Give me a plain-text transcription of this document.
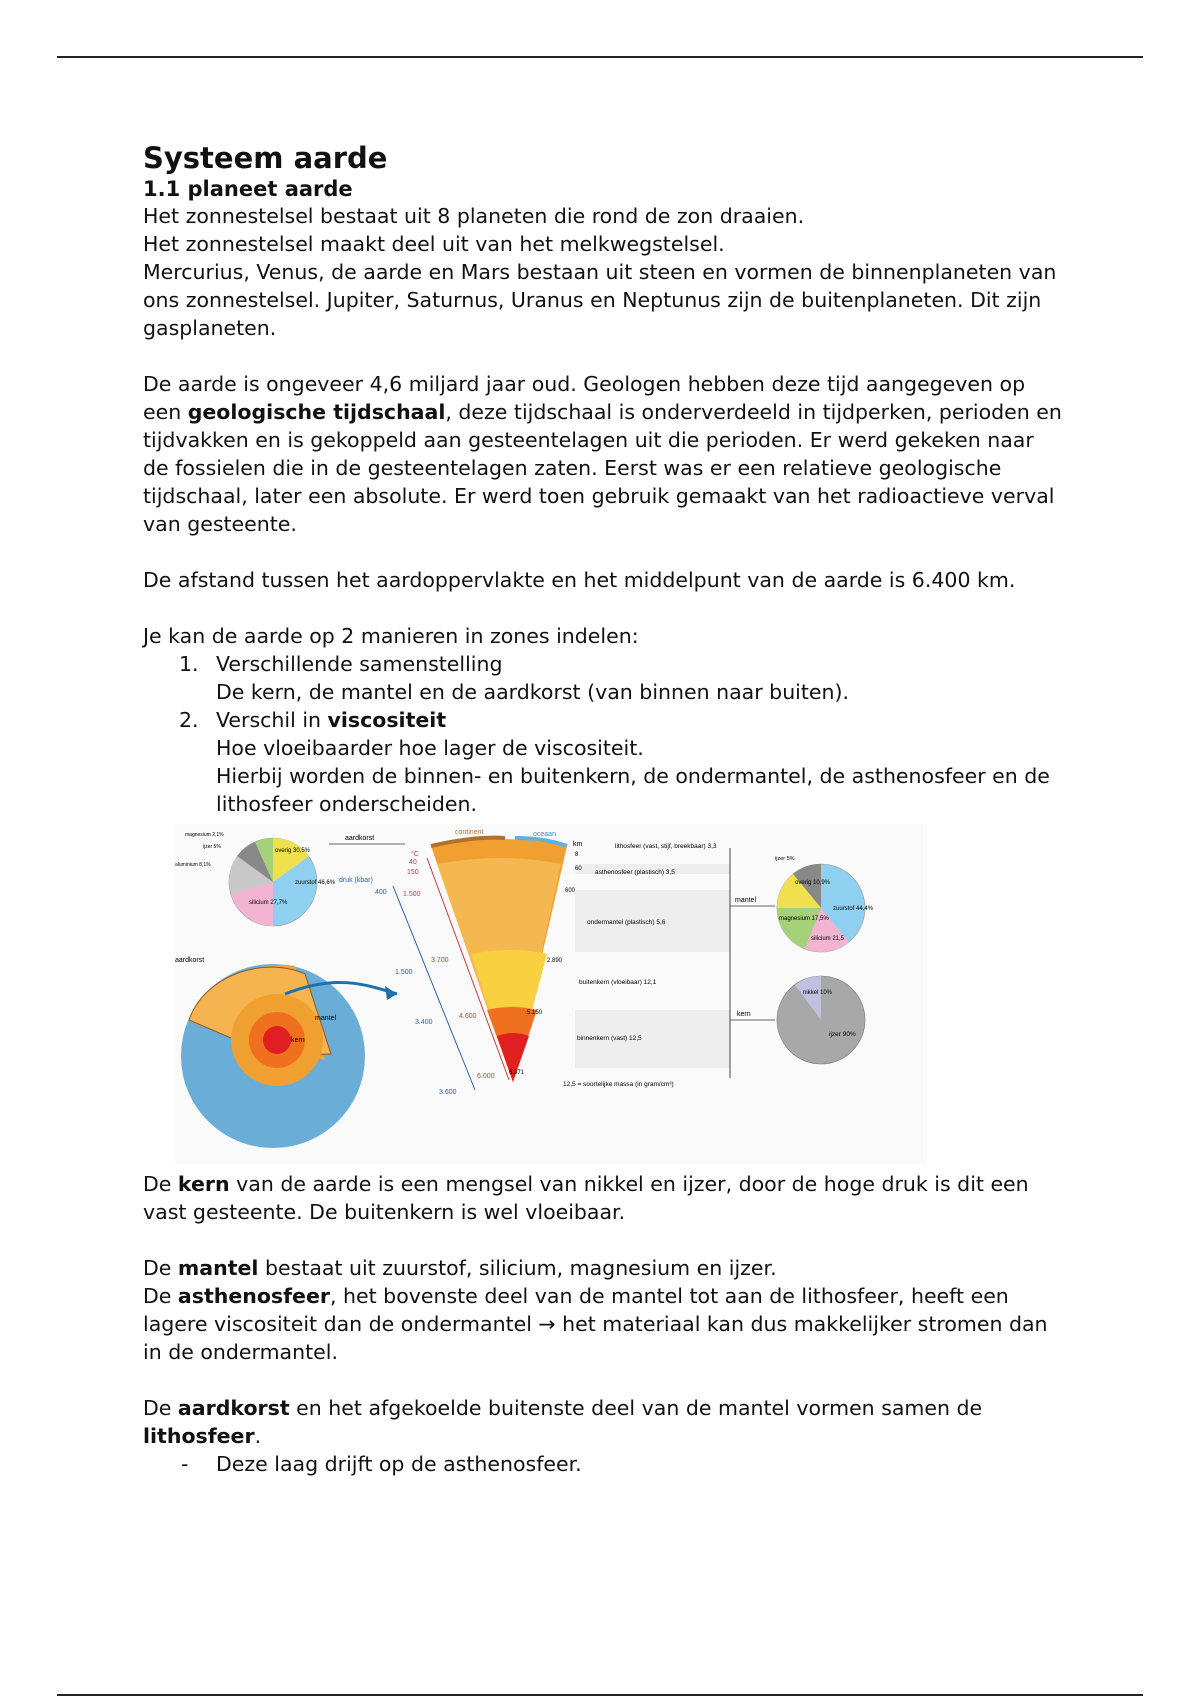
Systeem aarde
1.1 planeet aarde

Het zonnestelsel bestaat uit 8 planeten die rond de zon draaien.

Het zonnestelsel maakt deel uit van het melkwegstelsel.

Mercurius, Venus, de aarde en Mars bestaan uit steen en vormen de binnenplaneten van ons zonnestelsel. Jupiter, Saturnus, Uranus en Neptunus zijn de buitenplaneten. Dit zijn gasplaneten.

De aarde is ongeveer 4,6 miljard jaar oud. Geologen hebben deze tijd aangegeven op een geologische tijdschaal, deze tijdschaal is onderverdeeld in tijdperken, perioden en tijdvakken en is gekoppeld aan gesteentelagen uit die perioden. Er werd gekeken naar de fossielen die in de gesteentelagen zaten. Eerst was er een relatieve geologische tijdschaal, later een absolute. Er werd toen gebruik gemaakt van het radioactieve verval van gesteente.

De afstand tussen het aardoppervlakte en het middelpunt van de aarde is 6.400 km.

Je kan de aarde op 2 manieren in zones indelen:

1. Verschillende samenstelling
De kern, de mantel en de aardkorst (van binnen naar buiten).
2. Verschil in viscositeit
Hoe vloeibaarder hoe lager de viscositeit.
Hierbij worden de binnen- en buitenkern, de ondermantel, de asthenosfeer en de lithosfeer onderscheiden.
zuurstof 46,6%
silicium 27,7%
overig 30,5%
aluminium 8,1%
ijzer 5%
magnesium 2,1%
aardkorst
mantel
kern
aardkorst
continent	oceaan
°C
40
150
1.500
3.700
4.600
6.000
druk (kbar)
400
1.500
3.400
3.600
km
8
60
600
2.890
5.150
6.371
lithosfeer (vast, stijf, breekbaar) 3,3
asthenosfeer (plastisch) 3,5
ondermantel (plastisch) 5,6
buitenkern (vloeibaar) 12,1
binnenkern (vast) 12,5
12,5 = soortelijke massa (in gram/cm³)
mantel
zuurstof 44,4%
magnesium 17,5%
silicium 21,5
overig 10,9%
ijzer 5%
kern
nikkel 10%
ijzer 90%

De kern van de aarde is een mengsel van nikkel en ijzer, door de hoge druk is dit een vast gesteente. De buitenkern is wel vloeibaar.

De mantel bestaat uit zuurstof, silicium, magnesium en ijzer.

De asthenosfeer, het bovenste deel van de mantel tot aan de lithosfeer, heeft een lagere viscositeit dan de ondermantel → het materiaal kan dus makkelijker stromen dan in de ondermantel.

De aardkorst en het afgekoelde buitenste deel van de mantel vormen samen de lithosfeer.

- Deze laag drijft op de asthenosfeer.
